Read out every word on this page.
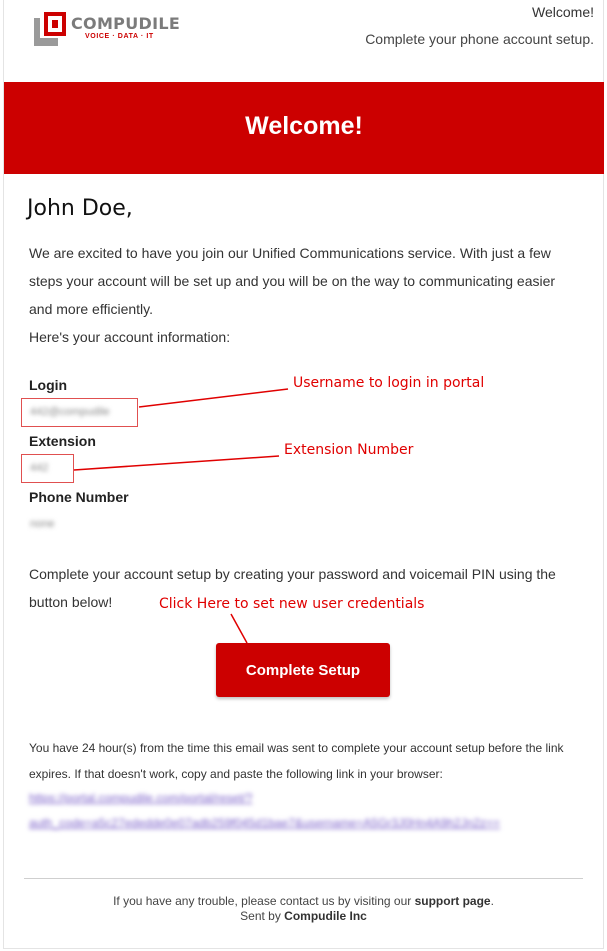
COMPUDILE
VOICE · DATA · IT
Welcome!
Complete your phone account setup.
Welcome!
John Doe,
We are excited to have you join our Unified Communications service. With just a few
steps your account will be set up and you will be on the way to communicating easier
and more efficiently.
Here's your account information:
Login
442@compudile
Extension
442
Phone Number
none
Username to login in portal
Extension Number
Click Here to set new user credentials
Complete your account setup by creating your password and voicemail PIN using the
button below!
Complete Setup
You have 24 hour(s) from the time this email was sent to complete your account setup before the link
expires. If that doesn't work, copy and paste the following link in your browser:
https://portal.compudile.com/portal/reset/?
auth_code=a5c27ededde0e07adb259f045d1bae7&username=A5Gr3J0Hn4A9h2Jn2z==
If you have any trouble, please contact us by visiting our support page.
Sent by Compudile Inc
